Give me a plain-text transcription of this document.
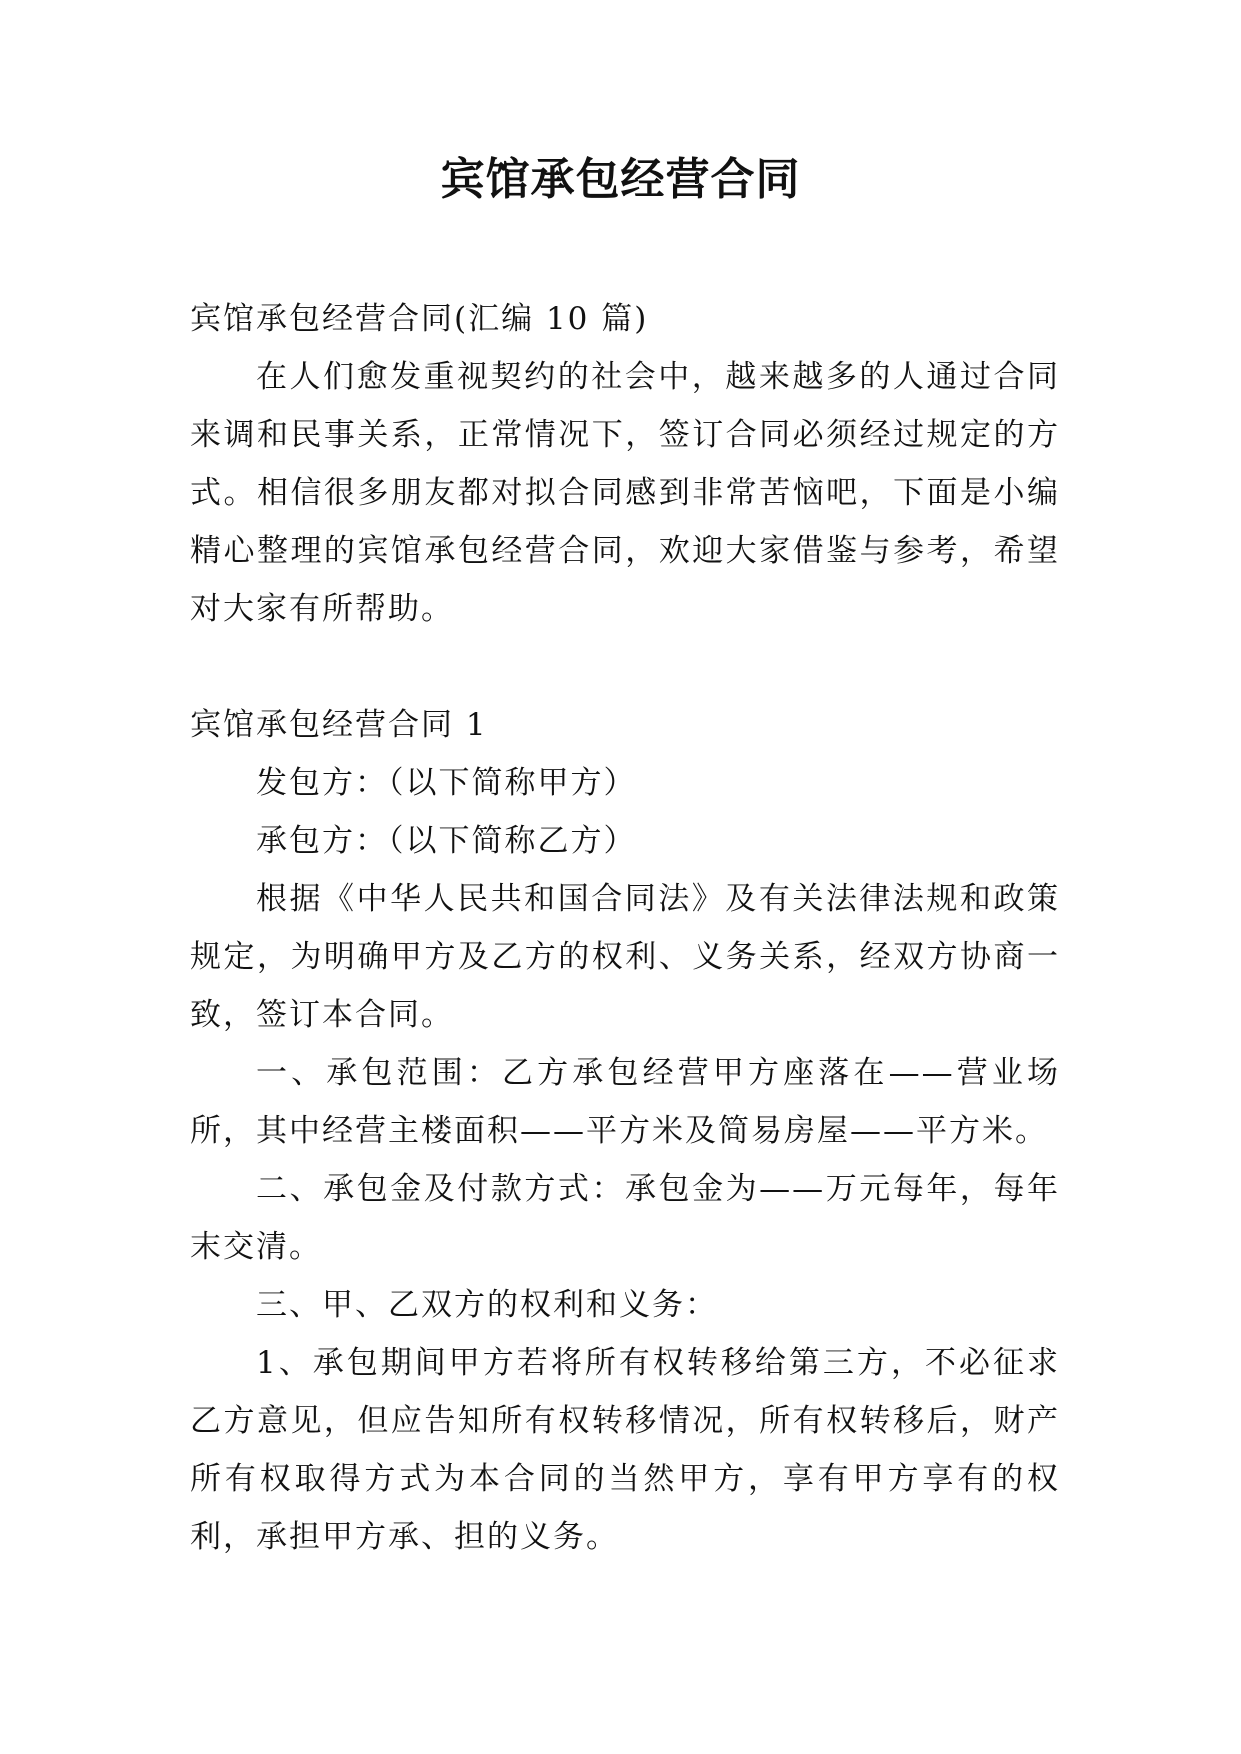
宾馆承包经营合同

宾馆承包经营合同(汇编 10 篇)

在人们愈发重视契约的社会中，越来越多的人通过合同来调和民事关系，正常情况下，签订合同必须经过规定的方式。相信很多朋友都对拟合同感到非常苦恼吧，下面是小编精心整理的宾馆承包经营合同，欢迎大家借鉴与参考，希望对大家有所帮助。

宾馆承包经营合同 1

发包方：（以下简称甲方）

承包方：（以下简称乙方）

根据《中华人民共和国合同法》及有关法律法规和政策规定，为明确甲方及乙方的权利、义务关系，经双方协商一致，签订本合同。

一、承包范围：乙方承包经营甲方座落在——营业场所，其中经营主楼面积——平方米及简易房屋——平方米。

二、承包金及付款方式：承包金为——万元每年，每年末交清。

三、甲、乙双方的权利和义务：

1、承包期间甲方若将所有权转移给第三方，不必征求乙方意见，但应告知所有权转移情况，所有权转移后，财产所有权取得方式为本合同的当然甲方，享有甲方享有的权利，承担甲方承、担的义务。
